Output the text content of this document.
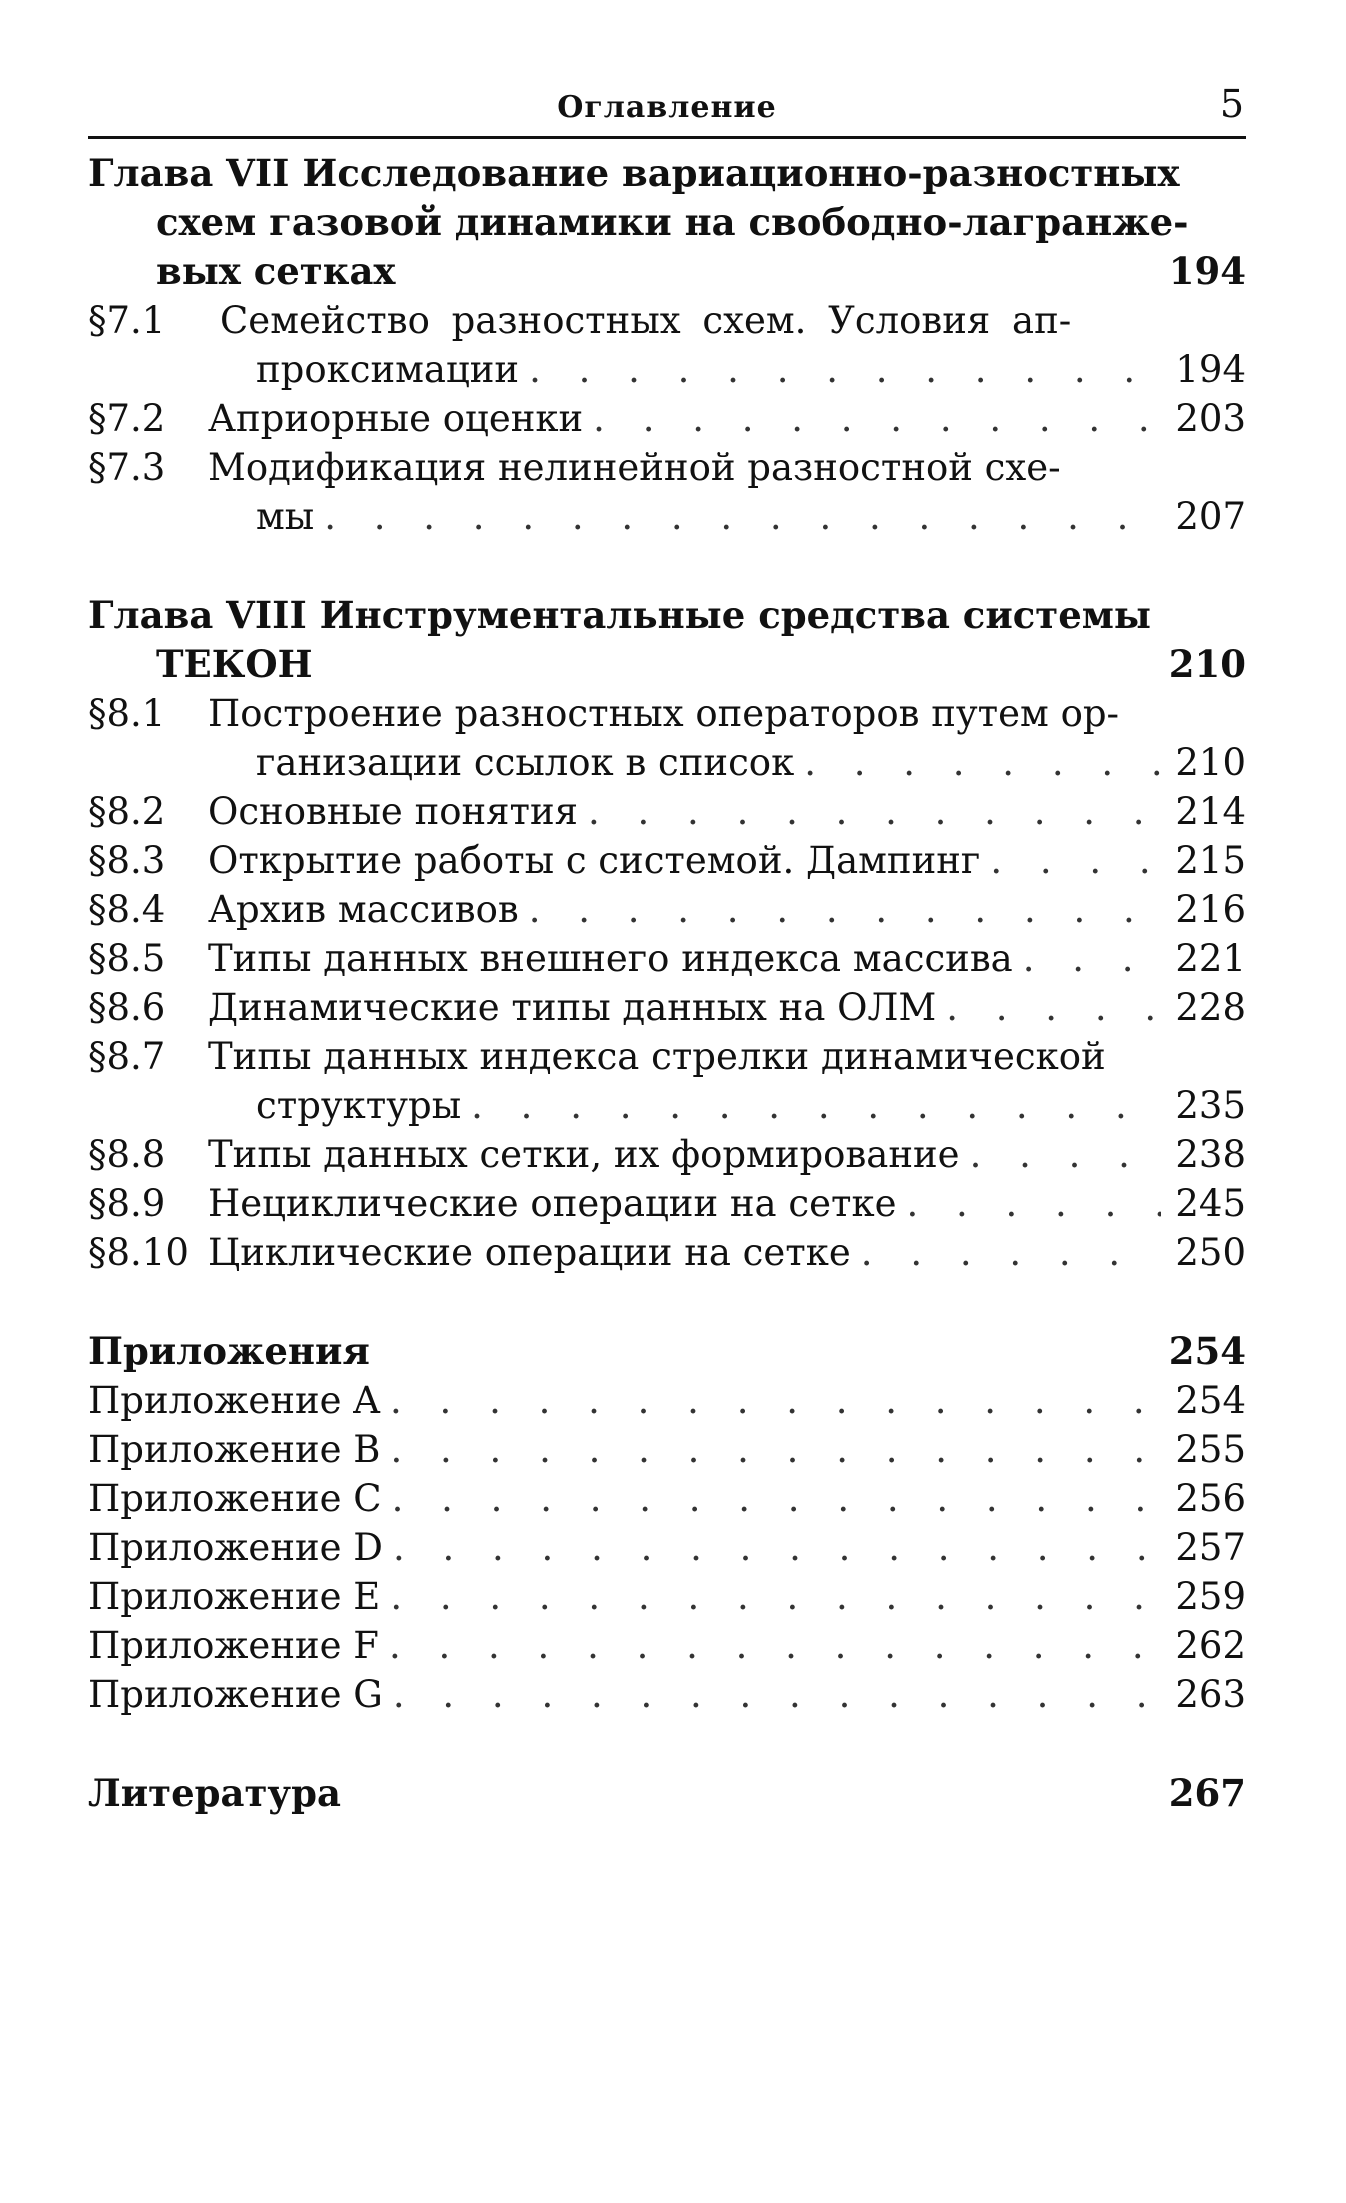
Оглавление	5
Глава VII Исследование вариационно-разностных
схем газовой динамики на свободно-лагранже-
вых сетках	194
§7.1	Семейство разностных схем. Условия ап-
проксимации . . .	194
§7.2	Априорные оценки . . .	203
§7.3	Модификация нелинейной разностной схе-
мы . . .	207
Глава VIII Инструментальные средства системы
ТЕКОН	210
§8.1	Построение разностных операторов путем ор-
ганизации ссылок в список . . .	210
§8.2	Основные понятия . . .	214
§8.3	Открытие работы с системой. Дампинг . . .	215
§8.4	Архив массивов . . .	216
§8.5	Типы данных внешнего индекса массива . . .	221
§8.6	Динамические типы данных на ОЛМ . . .	228
§8.7	Типы данных индекса стрелки динамической
структуры . . .	235
§8.8	Типы данных сетки, их формирование . . .	238
§8.9	Нециклические операции на сетке . . .	245
§8.10 Циклические операции на сетке . . .	250
Приложения	254
Приложение A . . .	254
Приложение B . . .	255
Приложение C . . .	256
Приложение D . . .	257
Приложение E . . .	259
Приложение F . . .	262
Приложение G . . .	263
Литература	267
